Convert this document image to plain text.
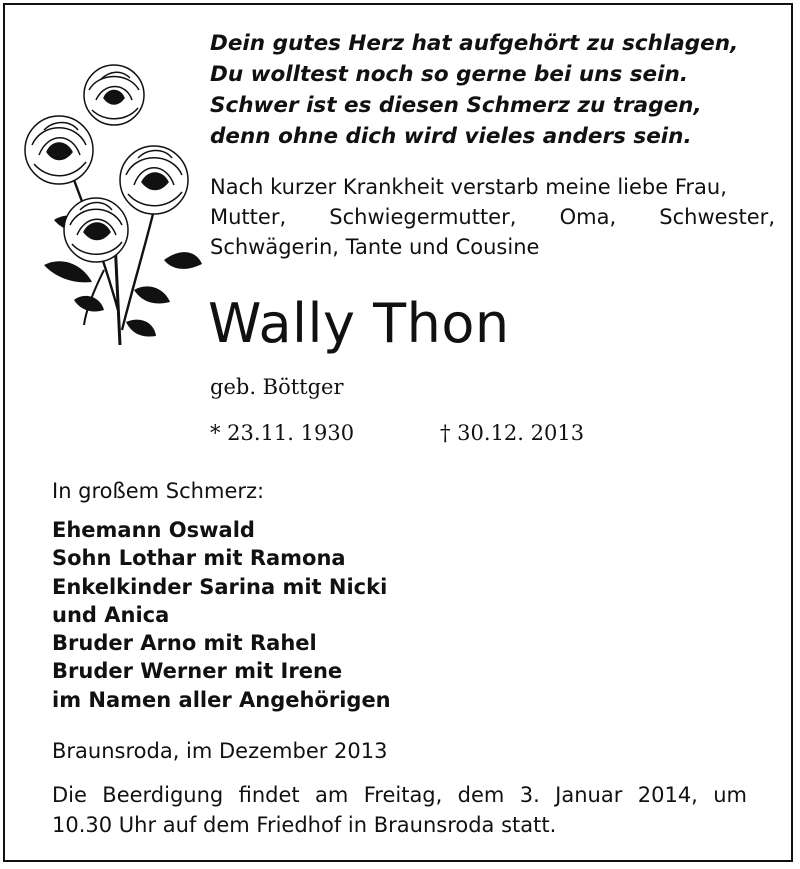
Dein gutes Herz hat aufgehört zu schlagen,
Du wolltest noch so gerne bei uns sein.
Schwer ist es diesen Schmerz zu tragen,
denn ohne dich wird vieles anders sein.
Nach kurzer Krankheit verstarb meine liebe Frau,
Mutter, Schwiegermutter, Oma, Schwester,
Schwägerin, Tante und Cousine
Wally Thon
geb. Böttger
* 23.11. 1930	† 30.12. 2013
In großem Schmerz:
Ehemann Oswald
Sohn Lothar mit Ramona
Enkelkinder Sarina mit Nicki
und Anica
Bruder Arno mit Rahel
Bruder Werner mit Irene
im Namen aller Angehörigen
Braunsroda, im Dezember 2013
Die Beerdigung findet am Freitag, dem 3. Januar 2014, um
10.30 Uhr auf dem Friedhof in Braunsroda statt.
